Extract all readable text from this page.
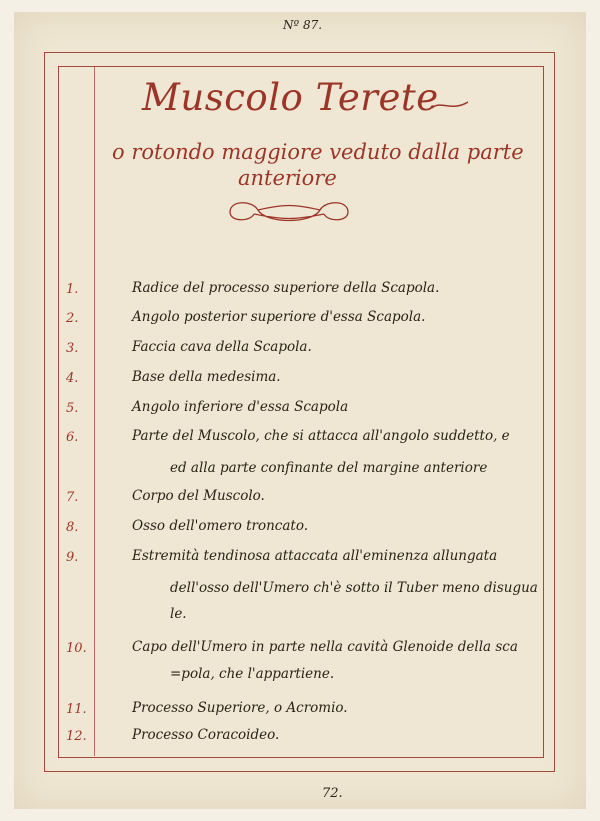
Nº 87.
Muscolo Terete
o rotondo maggiore veduto dalla parte
anteriore
1.	Radice del processo superiore della Scapola.
2.	Angolo posterior superiore d'essa Scapola.
3.	Faccia cava della Scapola.
4.	Base della medesima.
5.	Angolo inferiore d'essa Scapola
6.	Parte del Muscolo, che si attacca all'angolo suddetto, e
ed alla parte confinante del margine anteriore
7.	Corpo del Muscolo.
8.	Osso dell'omero troncato.
9.	Estremità tendinosa attaccata all'eminenza allungata
dell'osso dell'Umero ch'è sotto il Tuber meno disugua
le.
10.	Capo dell'Umero in parte nella cavità Glenoide della sca
=pola, che l'appartiene.
11.	Processo Superiore, o Acromio.
12.	Processo Coracoideo.
72.
